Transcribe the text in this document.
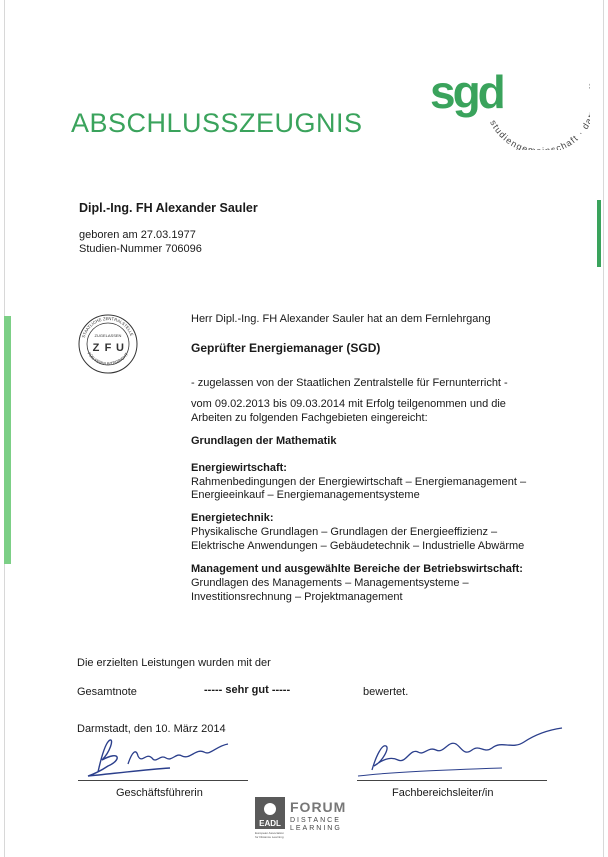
studienge schaft ·
sgd
ABSCHLUSSZEUGNIS
Dipl.-Ing. FH Alexander Sauler
geboren am 27.03.1977
Studien-Nummer 706096
STAATLICHE ZENTRALSTELLE
FÜR FERNUNTERRICHT
ZUGELASSEN
Z F U
Herr Dipl.-Ing. FH Alexander Sauler hat an dem Fernlehrgang
Geprüfter Energiemanager (SGD)
- zugelassen von der Staatlichen Zentralstelle für Fernunterricht -
vom 09.02.2013 bis 09.03.2014 mit Erfolg teilgenommen und die
Arbeiten zu folgenden Fachgebieten eingereicht:
Grundlagen der Mathematik
Energiewirtschaft:
Rahmenbedingungen der Energiewirtschaft – Energiemanagement –
Energieeinkauf – Energiemanagementsysteme
Energietechnik:
Physikalische Grundlagen – Grundlagen der Energieeffizienz –
Elektrische Anwendungen – Gebäudetechnik – Industrielle Abwärme
Management und ausgewählte Bereiche der Betriebswirtschaft:
Grundlagen des Managements – Managementsysteme –
Investitionsrechnung – Projektmanagement
Die erzielten Leistungen wurden mit der
Gesamtnote	----- sehr gut -----	bewertet.
Darmstadt, den 10. März 2014
Geschäftsführerin	Fachbereichsleiter/in
EADL
European Association for Distance Learning
FORUM
DISTANCE
LEARNING
